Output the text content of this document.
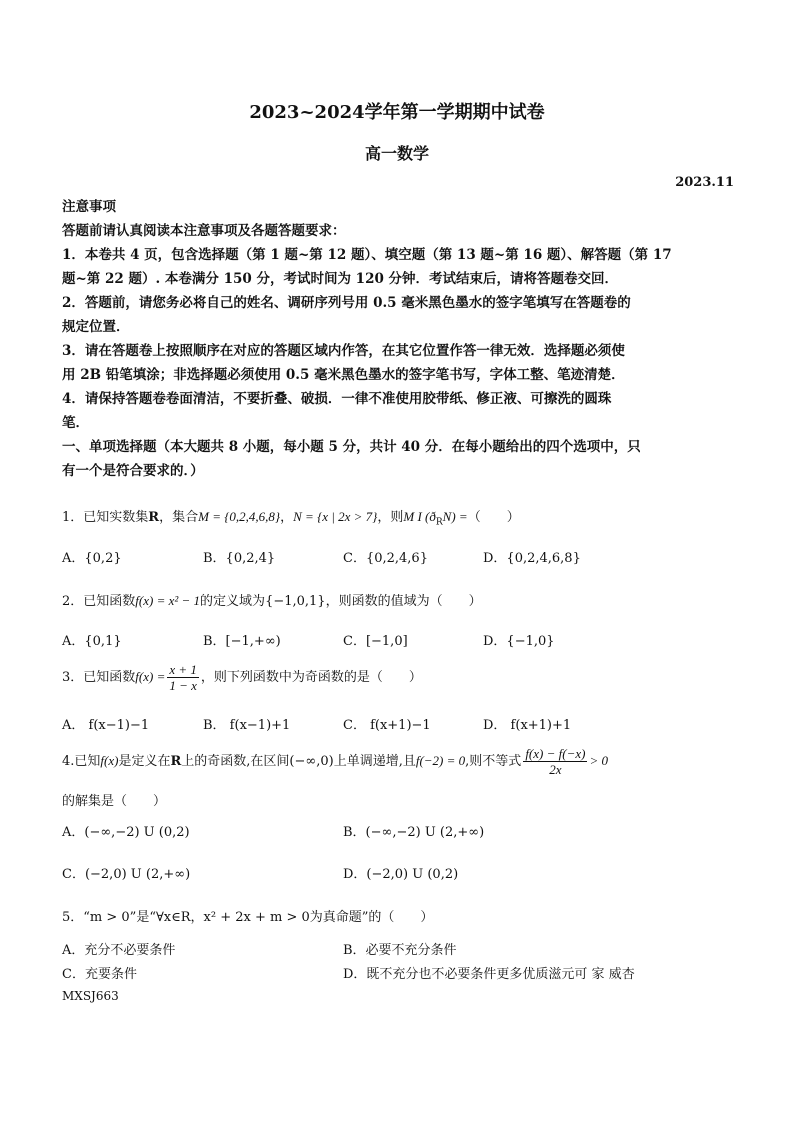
2023~2024学年第一学期期中试卷
高一数学
2023.11
注意事项
答题前请认真阅读本注意事项及各题答题要求：
1．本卷共 4 页，包含选择题（第 1 题~第 12 题）、填空题（第 13 题~第 16 题）、解答题（第 17
题~第 22 题）. 本卷满分 150 分，考试时间为 120 分钟．考试结束后，请将答题卷交回．
2．答题前，请您务必将自己的姓名、调研序列号用 0.5 毫米黑色墨水的签字笔填写在答题卷的
规定位置．
3．请在答题卷上按照顺序在对应的答题区域内作答，在其它位置作答一律无效．选择题必须使
用 2B 铅笔填涂；非选择题必须使用 0.5 毫米黑色墨水的签字笔书写，字体工整、笔迹清楚．
4．请保持答题卷卷面清洁，不要折叠、破损．一律不准使用胶带纸、修正液、可擦洗的圆珠
笔．
一、单项选择题（本大题共 8 小题，每小题 5 分，共计 40 分．在每小题给出的四个选项中，只
有一个是符合要求的．）
1．已知实数集R，集合M = {0,2,4,6,8}，N = {x | 2x > 7}，则M I $(ð_RN)$ =（　　）
A．{0,2}	B．{0,2,4}	C．{0,2,4,6}	D．{0,2,4,6,8}
2．已知函数f(x) = x² − 1的定义域为{−1,0,1}，则函数的值域为（　　）
A．{0,1}	B．[−1,+∞)	C．[−1,0]	D．{−1,0}
3．已知函数$f(x) = \frac{x + 1}{1 - x}$ ，则下列函数中为奇函数的是（　　）
A． f(x−1)−1	B． f(x−1)+1	C． f(x+1)−1	D． f(x+1)+1
4.已知f(x)是定义在R上的奇函数,在区间(−∞,0)上单调递增,且f(−2) = 0,则不等式 $\frac{f(x) - f(-x)}{2x} > 0$
的解集是（　　）
A．(−∞,−2) U (0,2)	B．(−∞,−2) U (2,+∞)
C．(−2,0) U (2,+∞)	D．(−2,0) U (0,2)
5．“m > 0”是“∀x∈R，x² + 2x + m > 0为真命题”的（　　）
A．充分不必要条件	B．必要不充分条件
C．充要条件	D．既不充分也不必要条件更多优质滋元可 家 威杏
MXSJ663
